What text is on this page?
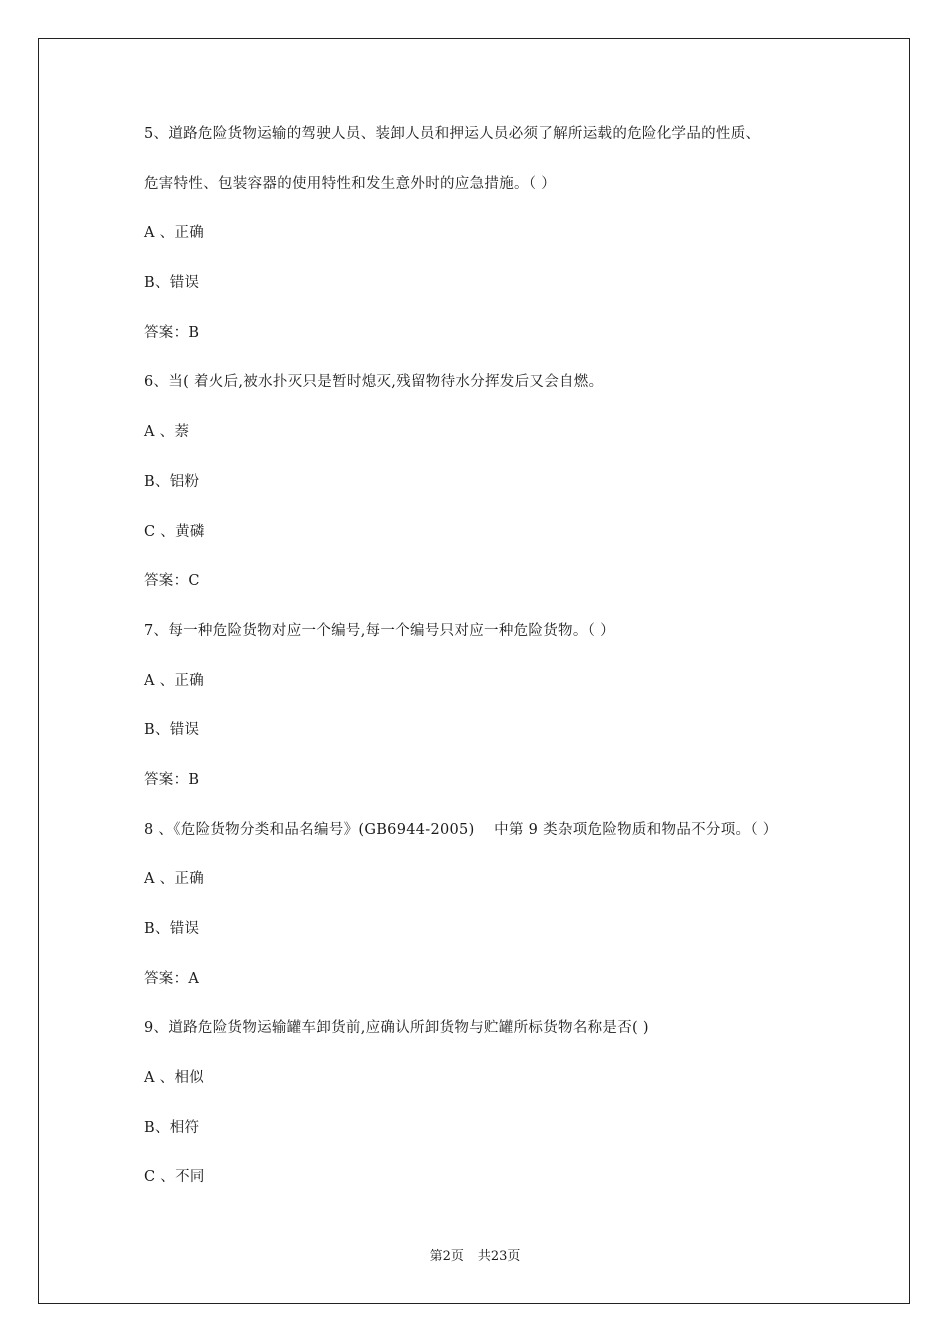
5、道路危险货物运输的驾驶人员、装卸人员和押运人员必须了解所运载的危险化学品的性质、
危害特性、包装容器的使用特性和发生意外时的应急措施。（ ）
A 、正确
B、错误
答案：B
6、当( 着火后,被水扑灭只是暂时熄灭,残留物待水分挥发后又会自燃。
A 、萘
B、铝粉
C 、黄磷
答案：C
7、每一种危险货物对应一个编号,每一个编号只对应一种危险货物。（ ）
A 、正确
B、错误
答案：B
8 、《危险货物分类和品名编号》(GB6944-2005)    中第 9 类杂项危险物质和物品不分项。（ ）
A 、正确
B、错误
答案：A
9、道路危险货物运输罐车卸货前,应确认所卸货物与贮罐所标货物名称是否( )
A 、相似
B、相符
C 、不同
第2页 共23页
